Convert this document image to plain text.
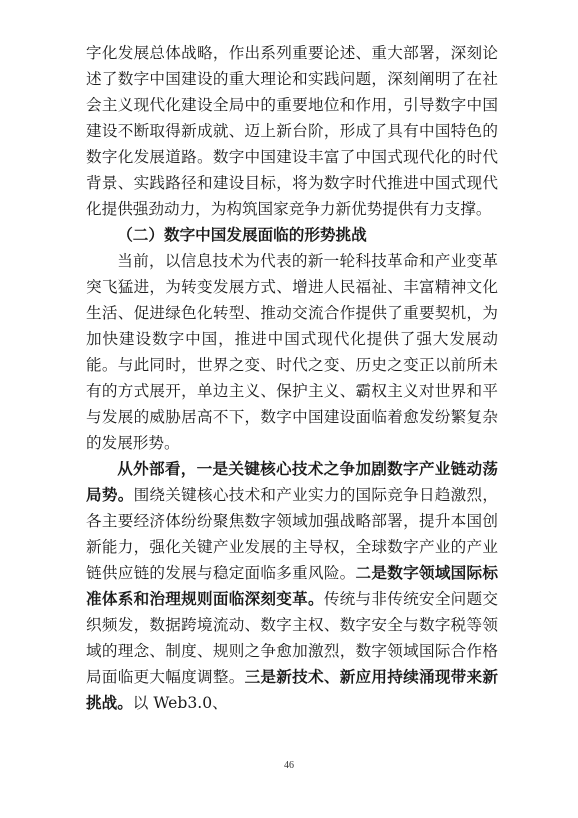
字化发展总体战略，作出系列重要论述、重大部署，深刻论述了数字中国建设的重大理论和实践问题，深刻阐明了在社会主义现代化建设全局中的重要地位和作用，引导数字中国建设不断取得新成就、迈上新台阶，形成了具有中国特色的数字化发展道路。数字中国建设丰富了中国式现代化的时代背景、实践路径和建设目标，将为数字时代推进中国式现代化提供强劲动力，为构筑国家竞争力新优势提供有力支撑。

（二）数字中国发展面临的形势挑战

当前，以信息技术为代表的新一轮科技革命和产业变革突飞猛进，为转变发展方式、增进人民福祉、丰富精神文化生活、促进绿色化转型、推动交流合作提供了重要契机，为加快建设数字中国，推进中国式现代化提供了强大发展动能。与此同时，世界之变、时代之变、历史之变正以前所未有的方式展开，单边主义、保护主义、霸权主义对世界和平与发展的威胁居高不下，数字中国建设面临着愈发纷繁复杂的发展形势。

从外部看，一是关键核心技术之争加剧数字产业链动荡局势。围绕关键核心技术和产业实力的国际竞争日趋激烈，各主要经济体纷纷聚焦数字领域加强战略部署，提升本国创新能力，强化关键产业发展的主导权，全球数字产业的产业链供应链的发展与稳定面临多重风险。二是数字领域国际标准体系和治理规则面临深刻变革。传统与非传统安全问题交织频发，数据跨境流动、数字主权、数字安全与数字税等领域的理念、制度、规则之争愈加激烈，数字领域国际合作格局面临更大幅度调整。三是新技术、新应用持续涌现带来新挑战。以 Web3.0、

46
